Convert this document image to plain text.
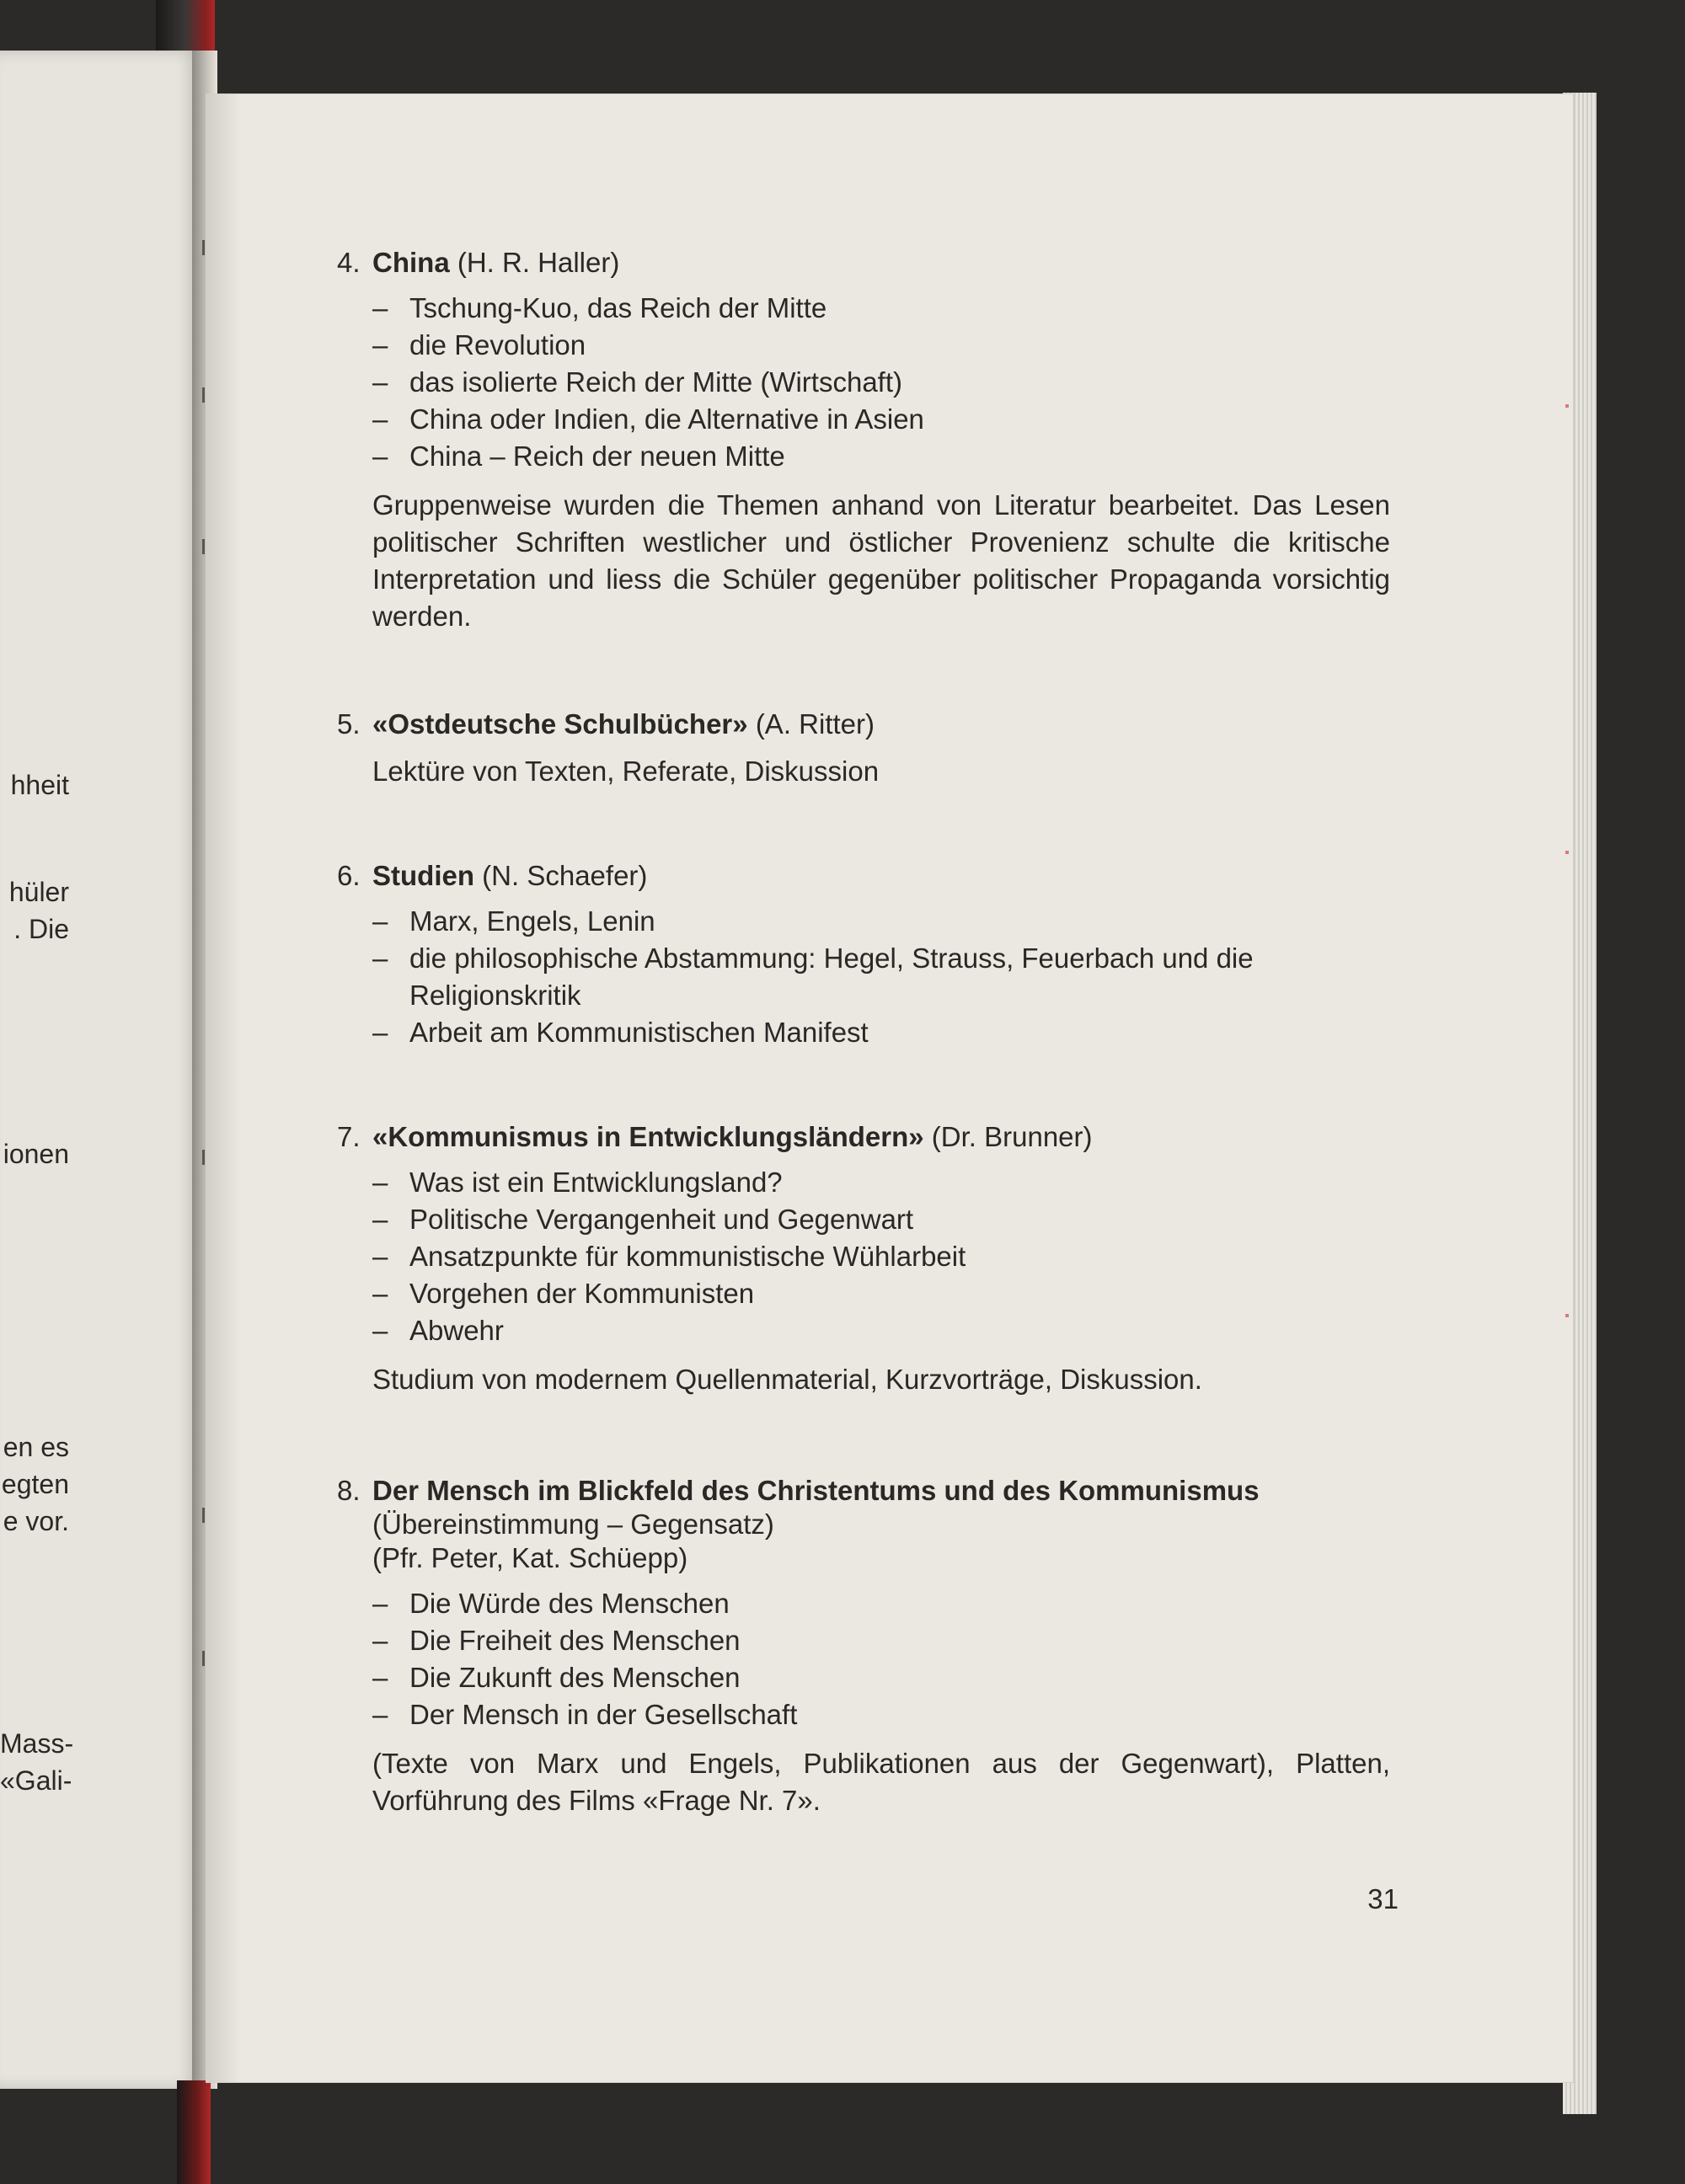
hheit
hüler
. Die
ionen
en es
egten
e vor.
Mass-
«Gali-
4. China (H. R. Haller)
– Tschung-Kuo, das Reich der Mitte
– die Revolution
– das isolierte Reich der Mitte (Wirtschaft)
– China oder Indien, die Alternative in Asien
– China – Reich der neuen Mitte

Gruppenweise wurden die Themen anhand von Literatur bearbeitet. Das Lesen politischer Schriften westlicher und östlicher Provenienz schulte die kritische Interpretation und liess die Schüler gegenüber politischer Propaganda vorsichtig werden.

5. «Ostdeutsche Schulbücher» (A. Ritter)

Lektüre von Texten, Referate, Diskussion

6. Studien (N. Schaefer)
– Marx, Engels, Lenin
– die philosophische Abstammung: Hegel, Strauss, Feuerbach und die Religionskritik
– Arbeit am Kommunistischen Manifest
7. «Kommunismus in Entwicklungsländern» (Dr. Brunner)
– Was ist ein Entwicklungsland?
– Politische Vergangenheit und Gegenwart
– Ansatzpunkte für kommunistische Wühlarbeit
– Vorgehen der Kommunisten
– Abwehr

Studium von modernem Quellenmaterial, Kurzvorträge, Diskussion.

8. Der Mensch im Blickfeld des Christentums und des Kommunismus
(Übereinstimmung – Gegensatz)
(Pfr. Peter, Kat. Schüepp)
– Die Würde des Menschen
– Die Freiheit des Menschen
– Die Zukunft des Menschen
– Der Mensch in der Gesellschaft

(Texte von Marx und Engels, Publikationen aus der Gegenwart), Platten, Vorführung des Films «Frage Nr. 7».

31
